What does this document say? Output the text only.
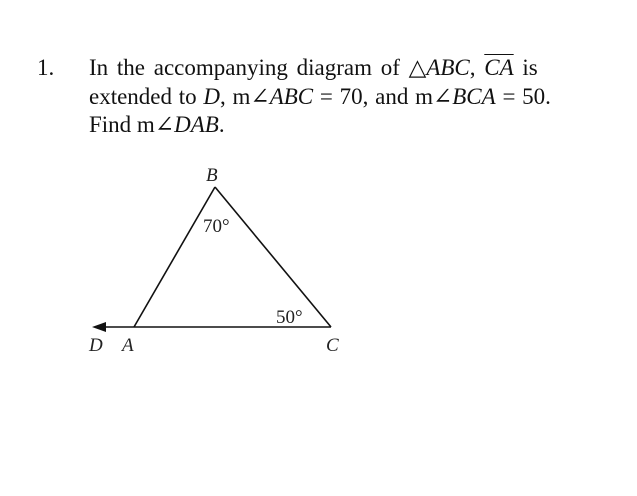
1. In the accompanying diagram of △ABC, $\overline{CA}$ is
extended to D, m∠ABC = 70, and m∠BCA = 50.
Find m∠DAB.
B
D A	C
70°
50°
